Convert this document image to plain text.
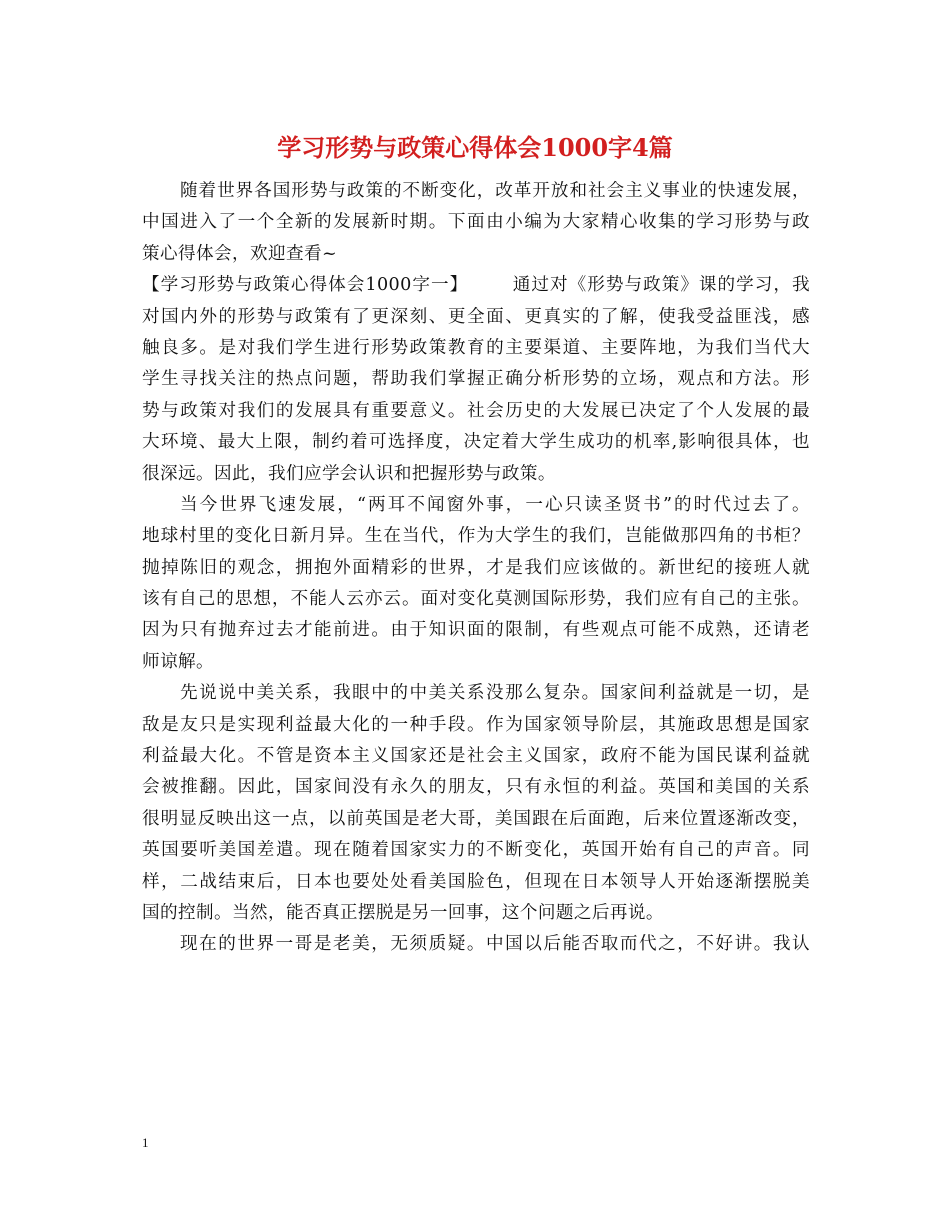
学习形势与政策心得体会1000字4篇
随着世界各国形势与政策的不断变化，改革开放和社会主义事业的快速发展，
中国进入了一个全新的发展新时期。下面由小编为大家精心收集的学习形势与政
策心得体会，欢迎查看~
【学习形势与政策心得体会1000字一】	通过对《形势与政策》课的学习，我
对国内外的形势与政策有了更深刻、更全面、更真实的了解，使我受益匪浅，感
触良多。是对我们学生进行形势政策教育的主要渠道、主要阵地，为我们当代大
学生寻找关注的热点问题，帮助我们掌握正确分析形势的立场，观点和方法。形
势与政策对我们的发展具有重要意义。社会历史的大发展已决定了个人发展的最
大环境、最大上限，制约着可选择度，决定着大学生成功的机率,影响很具体，也
很深远。因此，我们应学会认识和把握形势与政策。
当今世界飞速发展，“两耳不闻窗外事，一心只读圣贤书”的时代过去了。
地球村里的变化日新月异。生在当代，作为大学生的我们，岂能做那四角的书柜？
抛掉陈旧的观念，拥抱外面精彩的世界，才是我们应该做的。新世纪的接班人就
该有自己的思想，不能人云亦云。面对变化莫测国际形势，我们应有自己的主张。
因为只有抛弃过去才能前进。由于知识面的限制，有些观点可能不成熟，还请老
师谅解。
先说说中美关系，我眼中的中美关系没那么复杂。国家间利益就是一切，是
敌是友只是实现利益最大化的一种手段。作为国家领导阶层，其施政思想是国家
利益最大化。不管是资本主义国家还是社会主义国家，政府不能为国民谋利益就
会被推翻。因此，国家间没有永久的朋友，只有永恒的利益。英国和美国的关系
很明显反映出这一点，以前英国是老大哥，美国跟在后面跑，后来位置逐渐改变，
英国要听美国差遣。现在随着国家实力的不断变化，英国开始有自己的声音。同
样，二战结束后，日本也要处处看美国脸色，但现在日本领导人开始逐渐摆脱美
国的控制。当然，能否真正摆脱是另一回事，这个问题之后再说。
现在的世界一哥是老美，无须质疑。中国以后能否取而代之，不好讲。我认
1
